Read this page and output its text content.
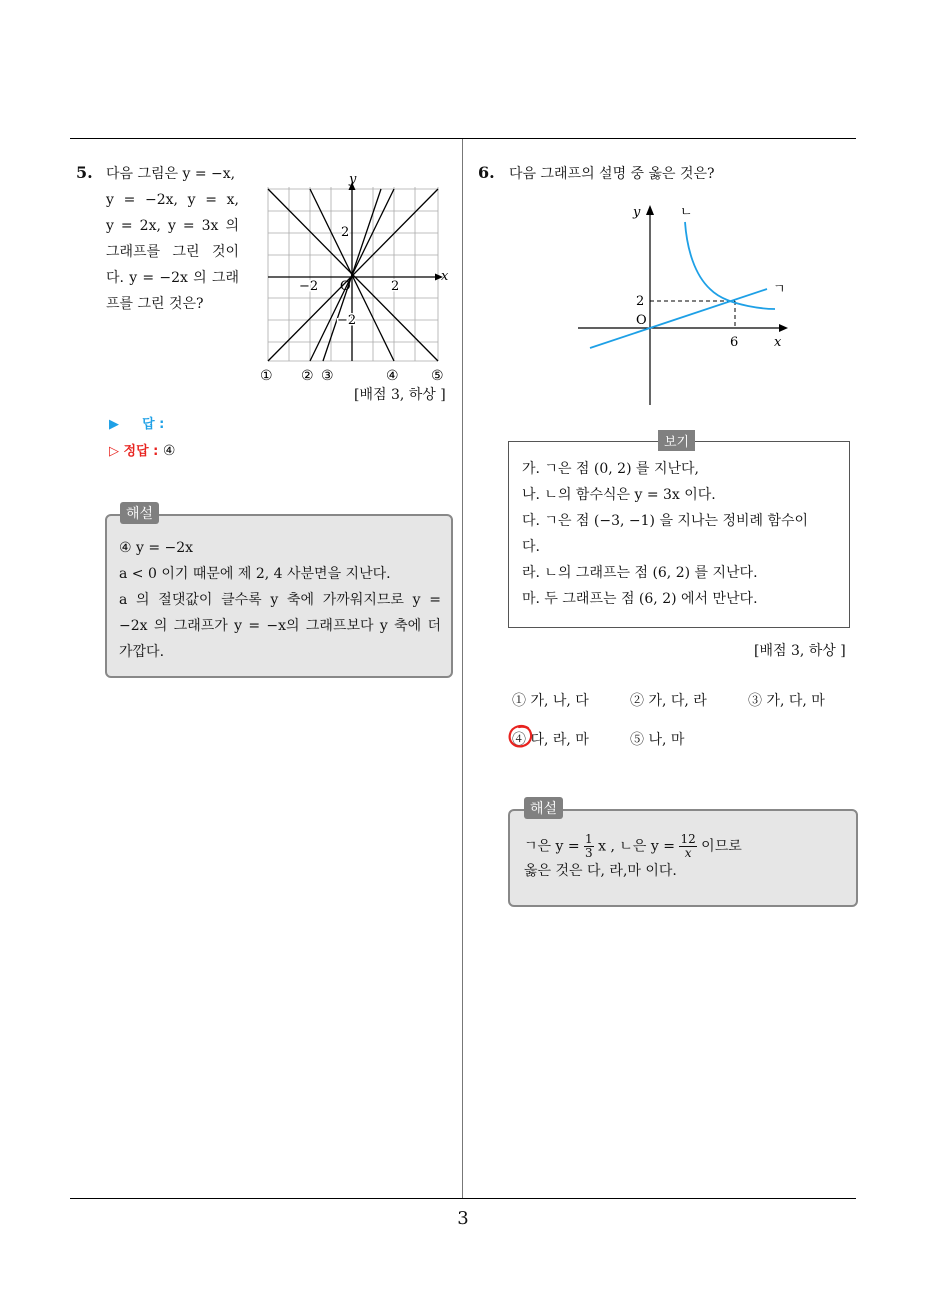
3
5. 다음 그림은 y = −x,
y = −2x, y = x,
y = 2x, y = 3x 의
그래프를 그린 것이
다. y = −2x 의 그래
프를 그린 것은?
x
y
−2 O	2
2
−2
① ② ③	④ ⑤
[배점 3, 하상 ]
▶ 답 :
▷ 정답 : ④
④ y = −2x
a < 0 이기 때문에 제 2, 4 사분면을 지난다.
a 의 절댓값이 클수록 y 축에 가까워지므로 y =
−2x 의 그래프가 y = −x의 그래프보다 y 축에 더
가깝다.
해설
6. 다음 그래프의 설명 중 옳은 것은?
y
x
O
2
6
ㄴ
ㄱ
가. ㄱ은 점 (0, 2) 를 지난다,
나. ㄴ의 함수식은 y = 3x 이다.
다. ㄱ은 점 (−3, −1) 을 지나는 정비례 함수이
다.
라. ㄴ의 그래프는 점 (6, 2) 를 지난다.
마. 두 그래프는 점 (6, 2) 에서 만난다.
보기
[배점 3, 하상 ]
① 가, 나, 다	② 가, 다, 라	③ 가, 다, 마
④ 다, 라, 마	⑤ 나, 마
ㄱ은 $y = \frac{1}{3}$ x , ㄴ은 $y = \frac{12}{x}$ 이므로
옳은 것은 다, 라,마 이다.
해설
